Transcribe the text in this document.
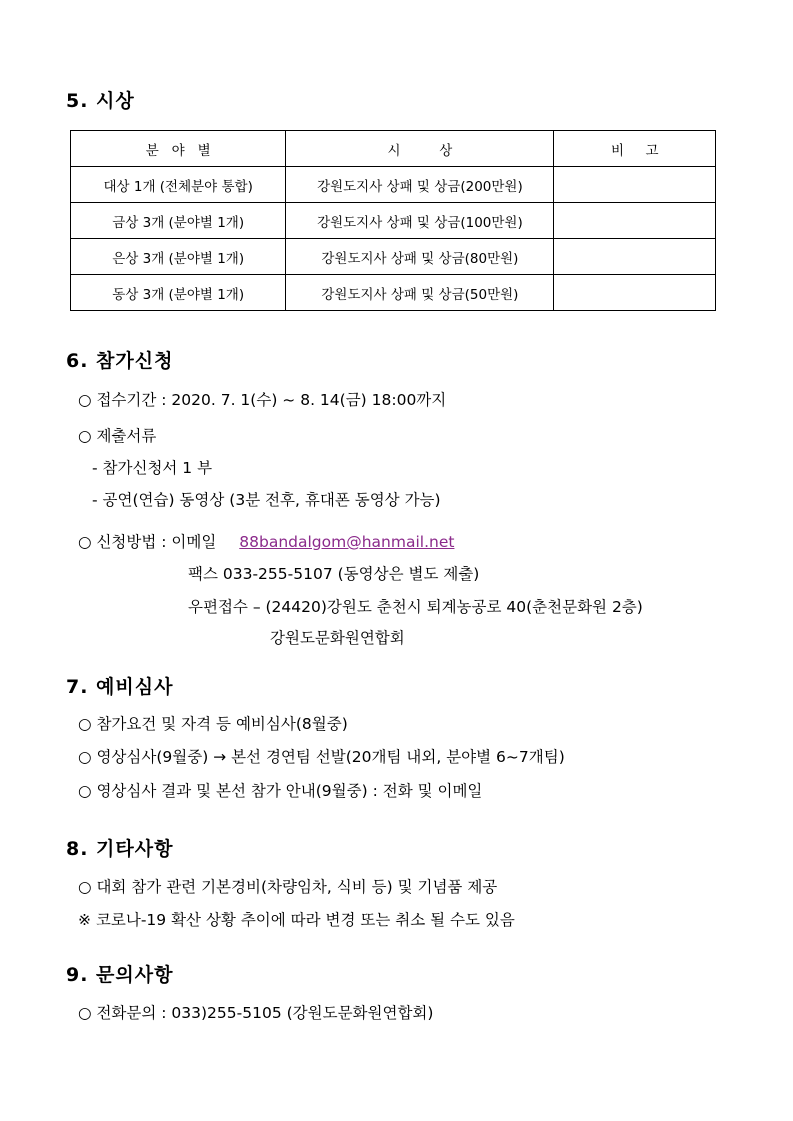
5. 시상
분   야   별	시         상	비     고
대상 1개 (전체분야 통합)	강원도지사 상패 및 상금(200만원)	
금상 3개 (분야별 1개)	강원도지사 상패 및 상금(100만원)	
은상 3개 (분야별 1개)	강원도지사 상패 및 상금(80만원)	
동상 3개 (분야별 1개)	강원도지사 상패 및 상금(50만원)	
6. 참가신청
○ 접수기간 : 2020. 7. 1(수) ~ 8. 14(금) 18:00까지
○ 제출서류
- 참가신청서 1 부
- 공연(연습) 동영상 (3분 전후, 휴대폰 동영상 가능)
○ 신청방법 : 이메일 88bandalgom@hanmail.net
팩스 033-255-5107 (동영상은 별도 제출)
우편접수 – (24420)강원도 춘천시 퇴계농공로 40(춘천문화원 2층)
강원도문화원연합회
7. 예비심사
○ 참가요건 및 자격 등 예비심사(8월중)
○ 영상심사(9월중) → 본선 경연팀 선발(20개팀 내외, 분야별 6~7개팀)
○ 영상심사 결과 및 본선 참가 안내(9월중) : 전화 및 이메일
8. 기타사항
○ 대회 참가 관련 기본경비(차량임차, 식비 등) 및 기념품 제공
※ 코로나-19 확산 상황 추이에 따라 변경 또는 취소 될 수도 있음
9. 문의사항
○ 전화문의 : 033)255-5105 (강원도문화원연합회)
